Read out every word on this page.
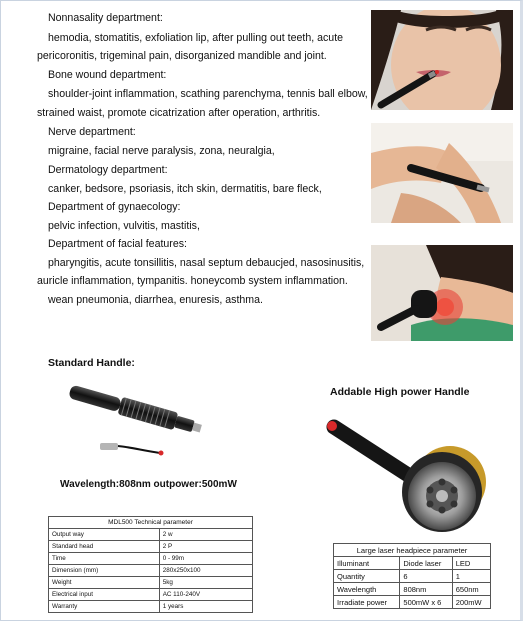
Nonnasality department:
hemodia, stomatitis, exfoliation lip, after pulling out teeth, acute
pericoronitis, trigeminal pain, disorganized mandible and joint.
Bone wound department:
shoulder-joint inflammation, scathing parenchyma, tennis ball elbow,
strained waist, promote cicatrization after operation, arthritis.
Nerve department:
migraine, facial nerve paralysis, zona, neuralgia,
Dermatology department:
canker, bedsore, psoriasis, itch skin, dermatitis, bare fleck,
Department of gynaecology:
pelvic infection, vulvitis, mastitis,
Department of facial features:
pharyngitis, acute tonsillitis, nasal septum debaucjed, nasosinusitis,
auricle inflammation, tympanitis. honeycomb system inflammation.
wean pneumonia, diarrhea, enuresis, asthma.
Standard Handle:
Wavelength:808nm outpower:500mW
Addable High power Handle
MDL500 Technical parameter	
Output way	2 w
Standard head	2 P
Time	0 - 99m
Dimension (mm)	280x250x100
Weight	5kg
Electrical input	AC 110-240V
Warranty	1 years
Large laser headpiece parameter		
Illuminant	Diode laser	LED
Quantity	6	1
Wavelength	808nm	650nm
Irradiate power	500mW x 6	200mW
